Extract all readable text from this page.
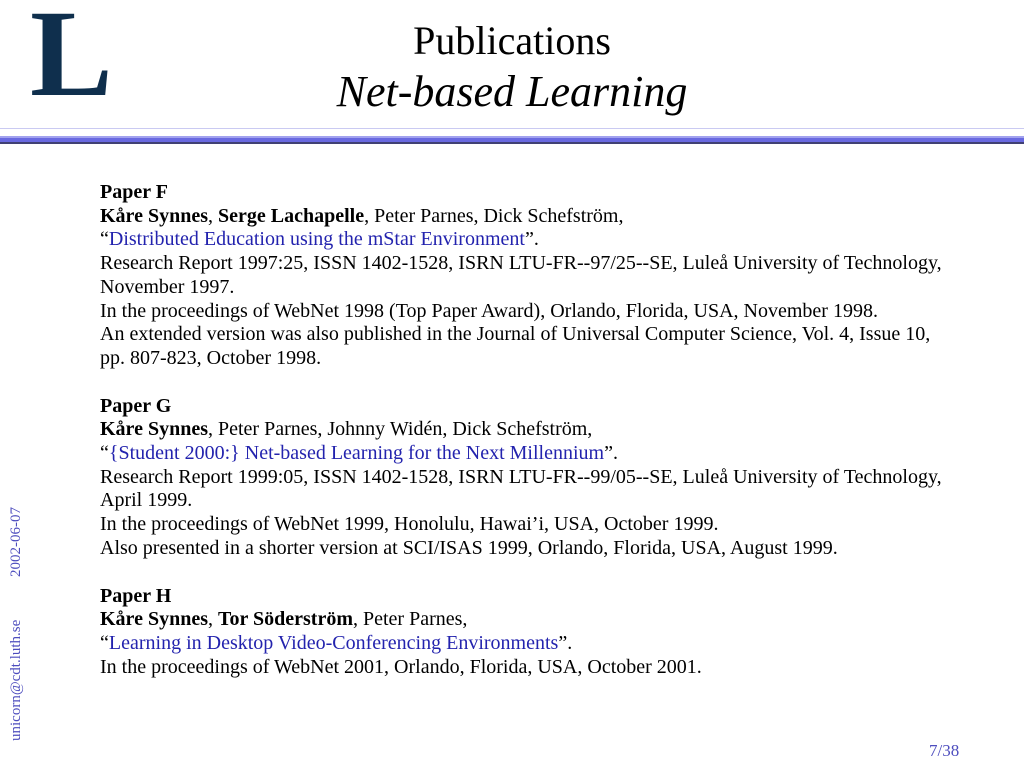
L	Publications
Net-based Learning
Paper F
Kåre Synnes, Serge Lachapelle, Peter Parnes, Dick Schefström,
“Distributed Education using the mStar Environment”.
Research Report 1997:25, ISSN 1402-1528, ISRN LTU-FR--97/25--SE, Luleå University of Technology, November 1997.
In the proceedings of WebNet 1998 (Top Paper Award), Orlando, Florida, USA, November 1998.
An extended version was also published in the Journal of Universal Computer Science, Vol. 4, Issue 10, pp. 807-823, October 1998.
Paper G
Kåre Synnes, Peter Parnes, Johnny Widén, Dick Schefström,
“{Student 2000:} Net-based Learning for the Next Millennium”.
Research Report 1999:05, ISSN 1402-1528, ISRN LTU-FR--99/05--SE, Luleå University of Technology, April 1999.
In the proceedings of WebNet 1999, Honolulu, Hawai’i, USA, October 1999.
Also presented in a shorter version at SCI/ISAS 1999, Orlando, Florida, USA, August 1999.
Paper H
Kåre Synnes, Tor Söderström, Peter Parnes,
“Learning in Desktop Video-Conferencing Environments”.
In the proceedings of WebNet 2001, Orlando, Florida, USA, October 2001.
2002-06-07
unicorn@cdt.luth.se
7/38
